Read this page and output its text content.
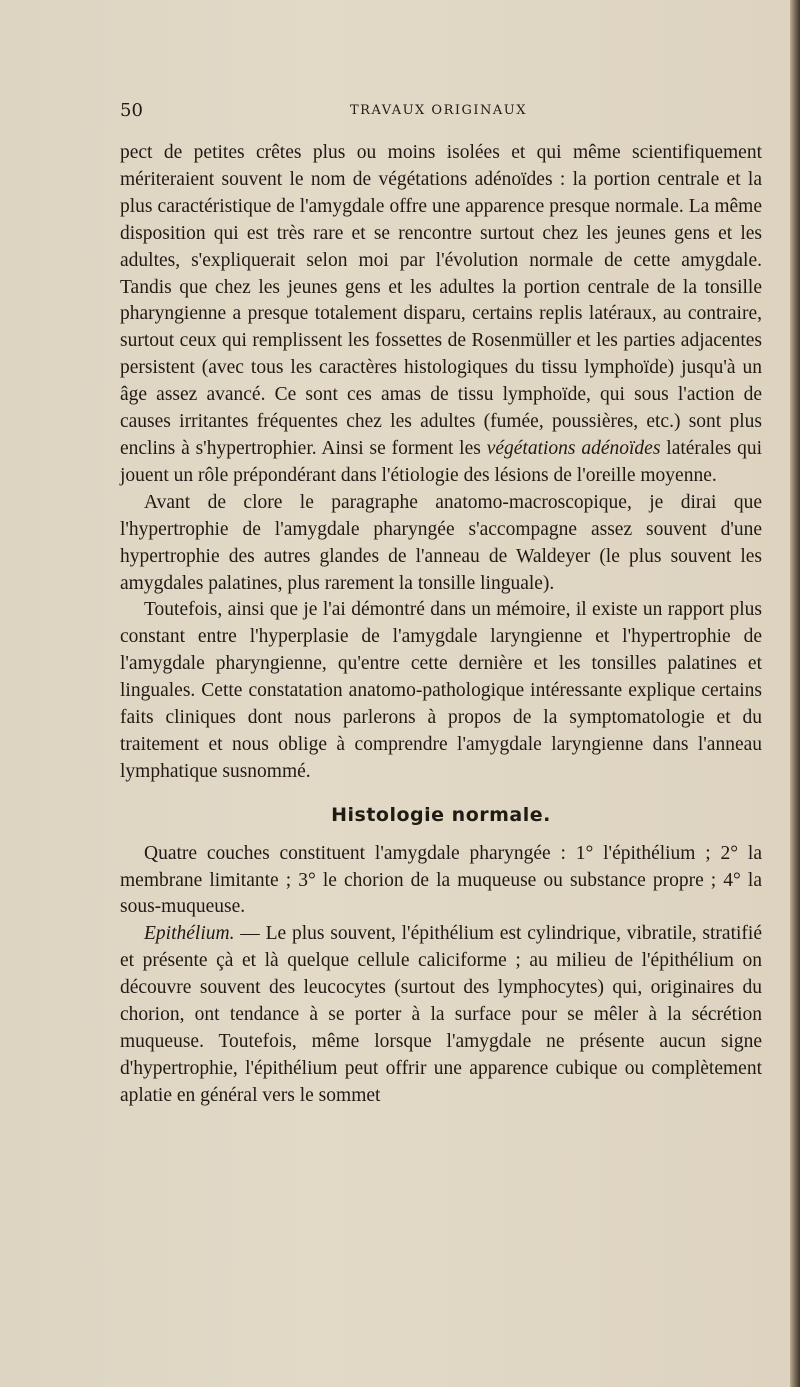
50	TRAVAUX ORIGINAUX

pect de petites crêtes plus ou moins isolées et qui même scientifiquement mériteraient souvent le nom de végétations adénoïdes : la portion centrale et la plus caractéristique de l'amygdale offre une apparence presque normale. La même disposition qui est très rare et se rencontre surtout chez les jeunes gens et les adultes, s'expliquerait selon moi par l'évolution normale de cette amygdale. Tandis que chez les jeunes gens et les adultes la portion centrale de la tonsille pharyngienne a presque totalement disparu, certains replis latéraux, au contraire, surtout ceux qui remplissent les fossettes de Rosenmüller et les parties adjacentes persistent (avec tous les caractères histologiques du tissu lymphoïde) jusqu'à un âge assez avancé. Ce sont ces amas de tissu lymphoïde, qui sous l'action de causes irritantes fréquentes chez les adultes (fumée, poussières, etc.) sont plus enclins à s'hypertrophier. Ainsi se forment les végétations adénoïdes latérales qui jouent un rôle prépondérant dans l'étiologie des lésions de l'oreille moyenne.

Avant de clore le paragraphe anatomo-macroscopique, je dirai que l'hypertrophie de l'amygdale pharyngée s'accompagne assez souvent d'une hypertrophie des autres glandes de l'anneau de Waldeyer (le plus souvent les amygdales palatines, plus rarement la tonsille linguale).

Toutefois, ainsi que je l'ai démontré dans un mémoire, il existe un rapport plus constant entre l'hyperplasie de l'amygdale laryngienne et l'hypertrophie de l'amygdale pharyngienne, qu'entre cette dernière et les tonsilles palatines et linguales. Cette constatation anatomo-pathologique intéressante explique certains faits cliniques dont nous parlerons à propos de la symptomatologie et du traitement et nous oblige à comprendre l'amygdale laryngienne dans l'anneau lymphatique susnommé.

Histologie normale.

Quatre couches constituent l'amygdale pharyngée : 1° l'épithélium ; 2° la membrane limitante ; 3° le chorion de la muqueuse ou substance propre ; 4° la sous-muqueuse.

Epithélium. — Le plus souvent, l'épithélium est cylindrique, vibratile, stratifié et présente çà et là quelque cellule caliciforme ; au milieu de l'épithélium on découvre souvent des leucocytes (surtout des lymphocytes) qui, originaires du chorion, ont tendance à se porter à la surface pour se mêler à la sécrétion muqueuse. Toutefois, même lorsque l'amygdale ne présente aucun signe d'hypertrophie, l'épithélium peut offrir une apparence cubique ou complètement aplatie en général vers le sommet
